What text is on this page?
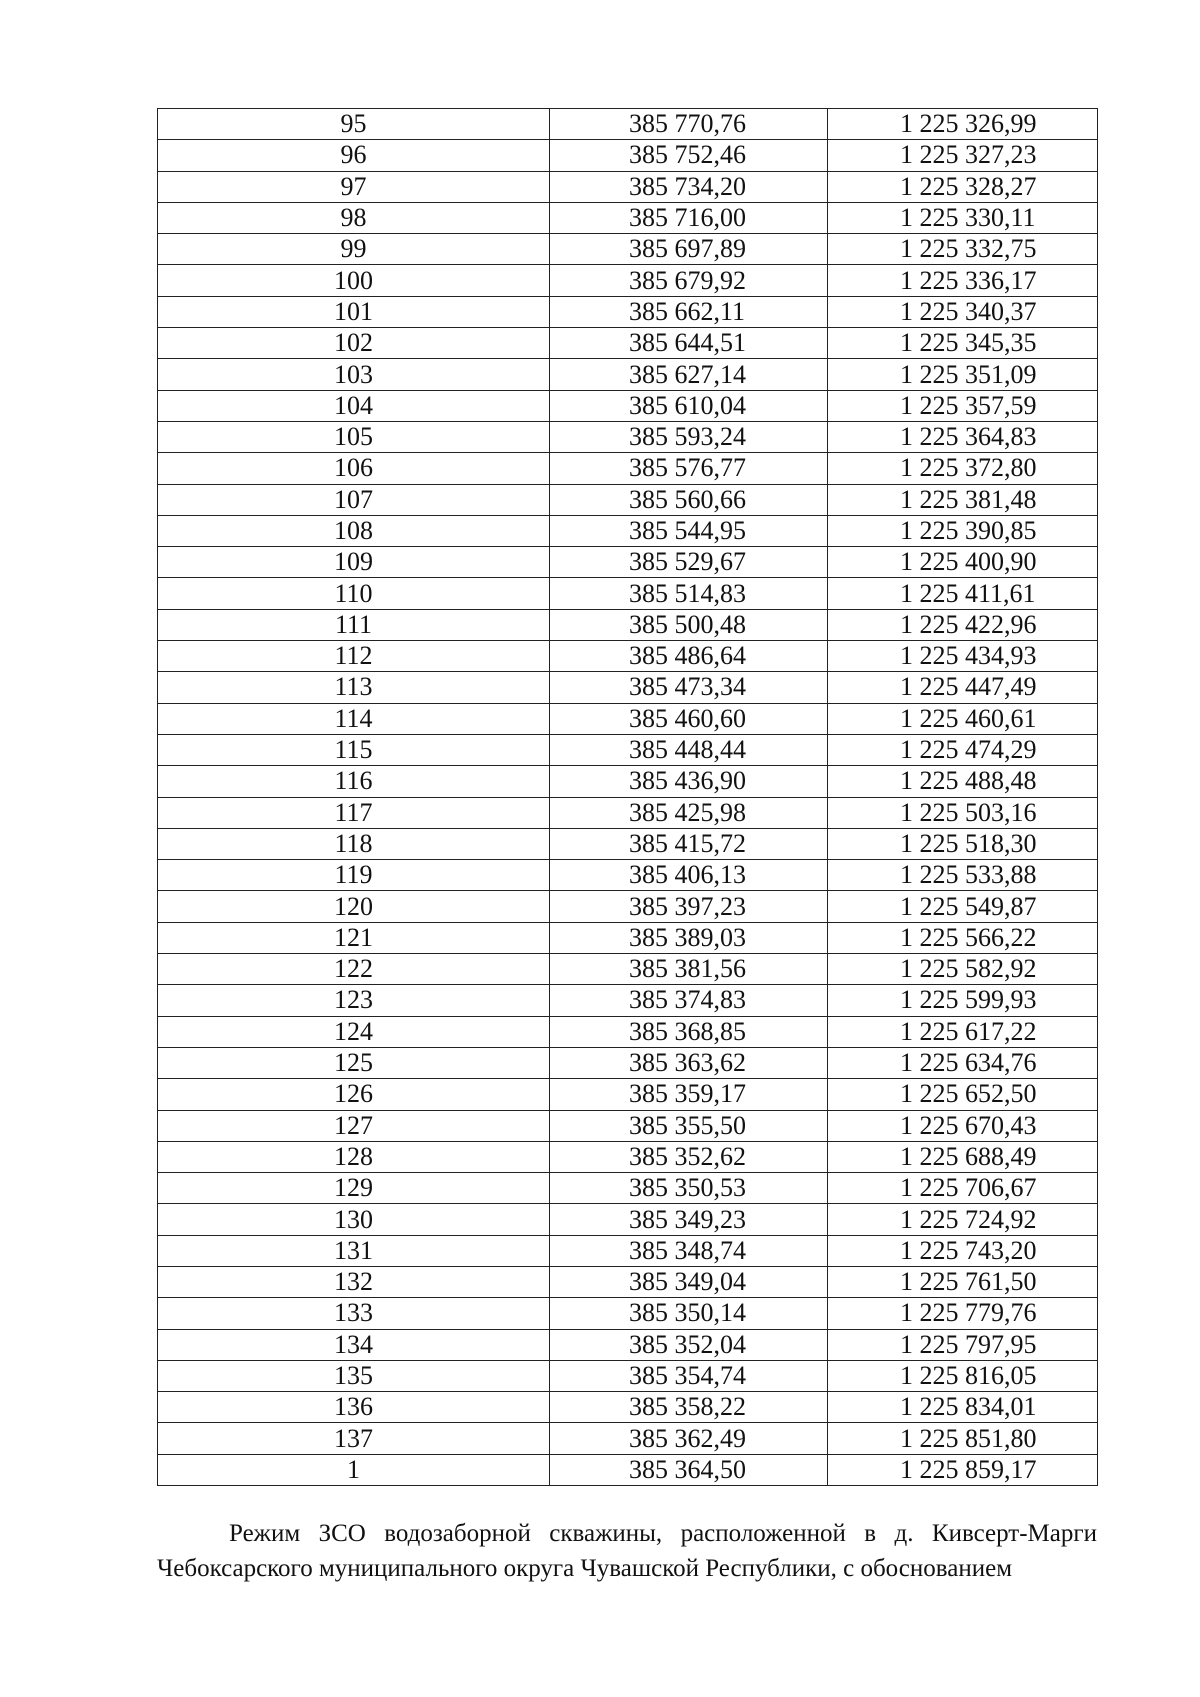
95	385 770,76	1 225 326,99
96	385 752,46	1 225 327,23
97	385 734,20	1 225 328,27
98	385 716,00	1 225 330,11
99	385 697,89	1 225 332,75
100	385 679,92	1 225 336,17
101	385 662,11	1 225 340,37
102	385 644,51	1 225 345,35
103	385 627,14	1 225 351,09
104	385 610,04	1 225 357,59
105	385 593,24	1 225 364,83
106	385 576,77	1 225 372,80
107	385 560,66	1 225 381,48
108	385 544,95	1 225 390,85
109	385 529,67	1 225 400,90
110	385 514,83	1 225 411,61
111	385 500,48	1 225 422,96
112	385 486,64	1 225 434,93
113	385 473,34	1 225 447,49
114	385 460,60	1 225 460,61
115	385 448,44	1 225 474,29
116	385 436,90	1 225 488,48
117	385 425,98	1 225 503,16
118	385 415,72	1 225 518,30
119	385 406,13	1 225 533,88
120	385 397,23	1 225 549,87
121	385 389,03	1 225 566,22
122	385 381,56	1 225 582,92
123	385 374,83	1 225 599,93
124	385 368,85	1 225 617,22
125	385 363,62	1 225 634,76
126	385 359,17	1 225 652,50
127	385 355,50	1 225 670,43
128	385 352,62	1 225 688,49
129	385 350,53	1 225 706,67
130	385 349,23	1 225 724,92
131	385 348,74	1 225 743,20
132	385 349,04	1 225 761,50
133	385 350,14	1 225 779,76
134	385 352,04	1 225 797,95
135	385 354,74	1 225 816,05
136	385 358,22	1 225 834,01
137	385 362,49	1 225 851,80
1	385 364,50	1 225 859,17

Режим ЗСО водозаборной скважины, расположенной в д. Кивсерт-Марги Чебоксарского муниципального округа Чувашской Республики, с обоснованием
